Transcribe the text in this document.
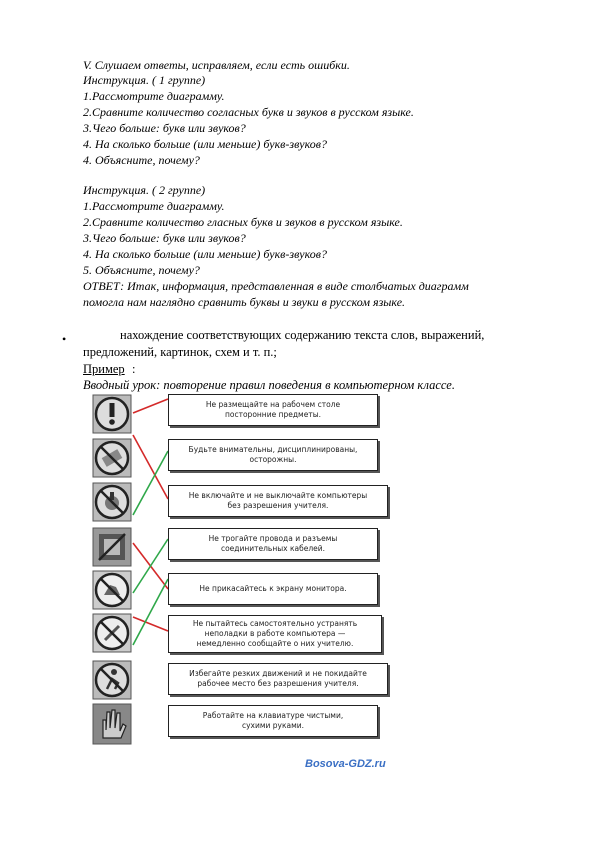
V. Слушаем ответы, исправляем, если есть ошибки.
Инструкция. ( 1 группе)
1.Рассмотрите диаграмму.
2.Сравните количество согласных букв и звуков в русском языке.
3.Чего больше: букв или звуков?
4. На сколько больше (или меньше) букв-звуков?
4. Объясните, почему?
Инструкция. ( 2 группе)
1.Рассмотрите диаграмму.
2.Сравните количество гласных букв и звуков в русском языке.
3.Чего больше: букв или звуков?
4. На сколько больше (или меньше) букв-звуков?
5. Объясните, почему?
ОТВЕТ: Итак, информация, представленная в виде столбчатых диаграмм
помогла нам наглядно сравнить буквы и звуки в русском языке.
•	нахождение соответствующих содержанию текста слов, выражений, предложений, картинок, схем и т. п.;
Пример :
Вводный урок: повторение правил поведения в компьютерном классе.
Не размещайте на рабочем столе
посторонние предметы.
Будьте внимательны, дисциплинированы,
осторожны.
Не включайте и не выключайте компьютеры
без разрешения учителя.
Не трогайте провода и разъемы
соединительных кабелей.
Не прикасайтесь к экрану монитора.
Не пытайтесь самостоятельно устранять
неполадки в работе компьютера —
немедленно сообщайте о них учителю.
Избегайте резких движений и не покидайте
рабочее место без разрешения учителя.
Работайте на клавиатуре чистыми,
сухими руками.
Bosova-GDZ.ru
